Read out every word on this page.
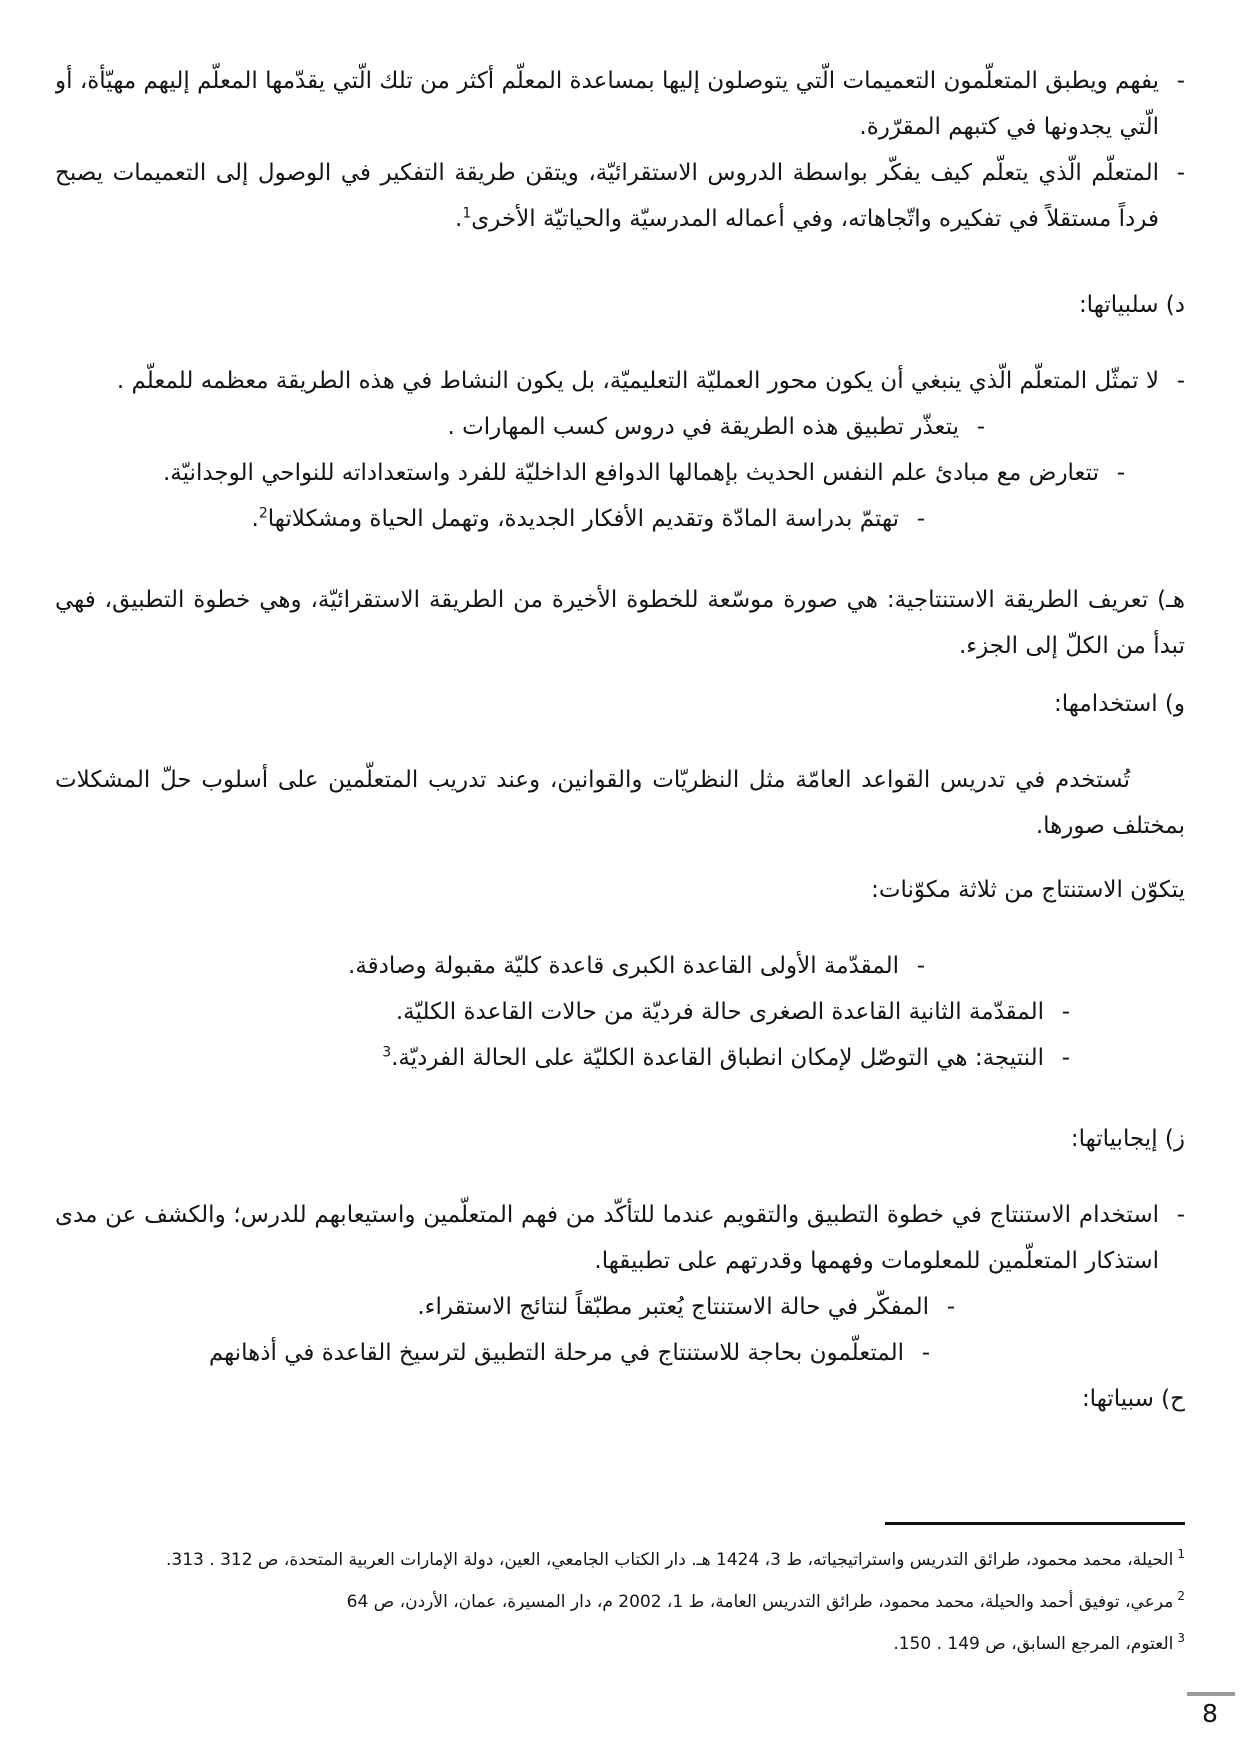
-

يفهم ويطبق المتعلّمون التعميمات الّتي يتوصلون إليها بمساعدة المعلّم أكثر من تلك الّتي يقدّمها المعلّم إليهم مهيّأة، أو الّتي يجدونها في كتبهم المقرّرة.

-

المتعلّم الّذي يتعلّم كيف يفكّر بواسطة الدروس الاستقرائيّة، ويتقن طريقة التفكير في الوصول إلى التعميمات يصبح فرداً مستقلاً في تفكيره واتّجاهاته، وفي أعماله المدرسيّة والحياتيّة الأخرى$^1$.

د) سلبياتها:

-

لا تمثّل المتعلّم الّذي ينبغي أن يكون محور العمليّة التعليميّة، بل يكون النشاط في هذه الطريقة معظمه للمعلّم .

-

يتعذّر تطبيق هذه الطريقة في دروس كسب المهارات .

-

تتعارض مع مبادئ علم النفس الحديث بإهمالها الدوافع الداخليّة للفرد واستعداداته للنواحي الوجدانيّة.

-

تهتمّ بدراسة المادّة وتقديم الأفكار الجديدة، وتهمل الحياة ومشكلاتها$^2$.

هـ) تعريف الطريقة الاستنتاجية: هي صورة موسّعة للخطوة الأخيرة من الطريقة الاستقرائيّة، وهي خطوة التطبيق، فهي تبدأ من الكلّ إلى الجزء.

و) استخدامها:

تُستخدم في تدريس القواعد العامّة مثل النظريّات والقوانين، وعند تدريب المتعلّمين على أسلوب حلّ المشكلات بمختلف صورها.

يتكوّن الاستنتاج من ثلاثة مكوّنات:

-

المقدّمة الأولى القاعدة الكبرى قاعدة كليّة مقبولة وصادقة.

-

المقدّمة الثانية القاعدة الصغرى حالة فرديّة من حالات القاعدة الكليّة.

-

النتيجة: هي التوصّل لإمكان انطباق القاعدة الكليّة على الحالة الفرديّة.$^3$

ز) إيجابياتها:

-

استخدام الاستنتاج في خطوة التطبيق والتقويم عندما للتأكّد من فهم المتعلّمين واستيعابهم للدرس؛ والكشف عن مدى استذكار المتعلّمين للمعلومات وفهمها وقدرتهم على تطبيقها.

-

المفكّر في حالة الاستنتاج يُعتبر مطبّقاً لنتائج الاستقراء.

-

المتعلّمون بحاجة للاستنتاج في مرحلة التطبيق لترسيخ القاعدة في أذهانهم

ح) سبياتها:

$^1$الحيلة، محمد محمود، طرائق التدريس واستراتيجياته، ط 3، 1424 هـ. دار الكتاب الجامعي، العين، دولة الإمارات العربية المتحدة، ص 312 . 313.

$^2$مرعي، توفيق أحمد والحيلة، محمد محمود، طرائق التدريس العامة، ط 1، 2002 م، دار المسيرة، عمان، الأردن، ص 64

$^3$العتوم، المرجع السابق، ص 149 . 150.

8
